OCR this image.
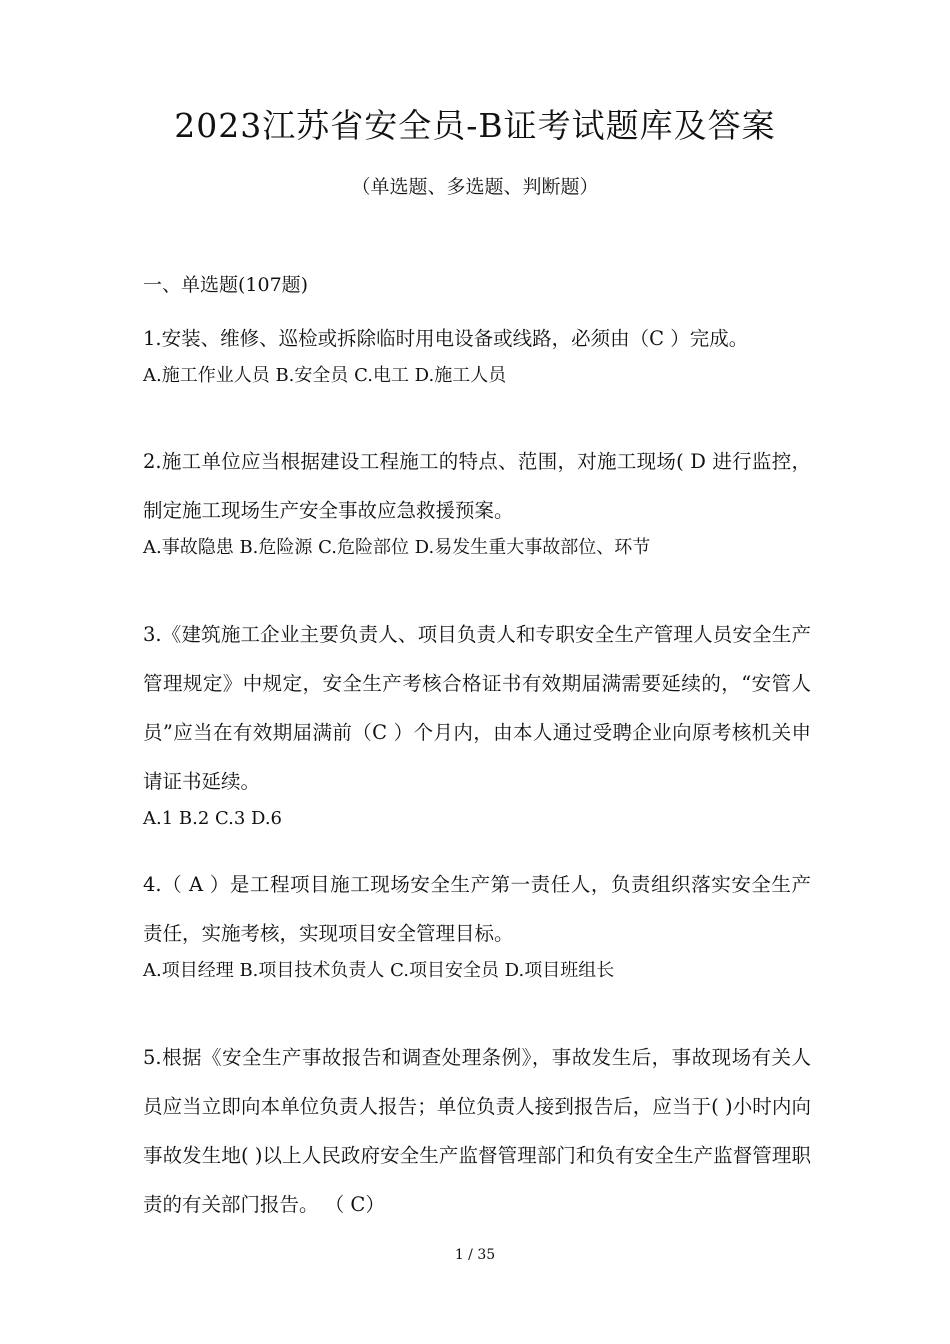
2023江苏省安全员-B证考试题库及答案
（单选题、多选题、判断题）
一、单选题(107题)

1.安装、维修、巡检或拆除临时用电设备或线路，必须由（C ）完成。

A.施工作业人员 B.安全员 C.电工 D.施工人员

2.施工单位应当根据建设工程施工的特点、范围，对施工现场( D 进行监控，制定施工现场生产安全事故应急救援预案。

A.事故隐患 B.危险源 C.危险部位 D.易发生重大事故部位、环节

3.《建筑施工企业主要负责人、项目负责人和专职安全生产管理人员安全生产管理规定》中规定，安全生产考核合格证书有效期届满需要延续的，“安管人员”应当在有效期届满前（C ）个月内，由本人通过受聘企业向原考核机关申请证书延续。

A.1 B.2 C.3 D.6

4.（ A ）是工程项目施工现场安全生产第一责任人，负责组织落实安全生产责任，实施考核，实现项目安全管理目标。

A.项目经理 B.项目技术负责人 C.项目安全员 D.项目班组长

5.根据《安全生产事故报告和调查处理条例》，事故发生后，事故现场有关人员应当立即向本单位负责人报告；单位负责人接到报告后，应当于( )小时内向事故发生地( )以上人民政府安全生产监督管理部门和负有安全生产监督管理职责的有关部门报告。 （ C）

1 / 35
